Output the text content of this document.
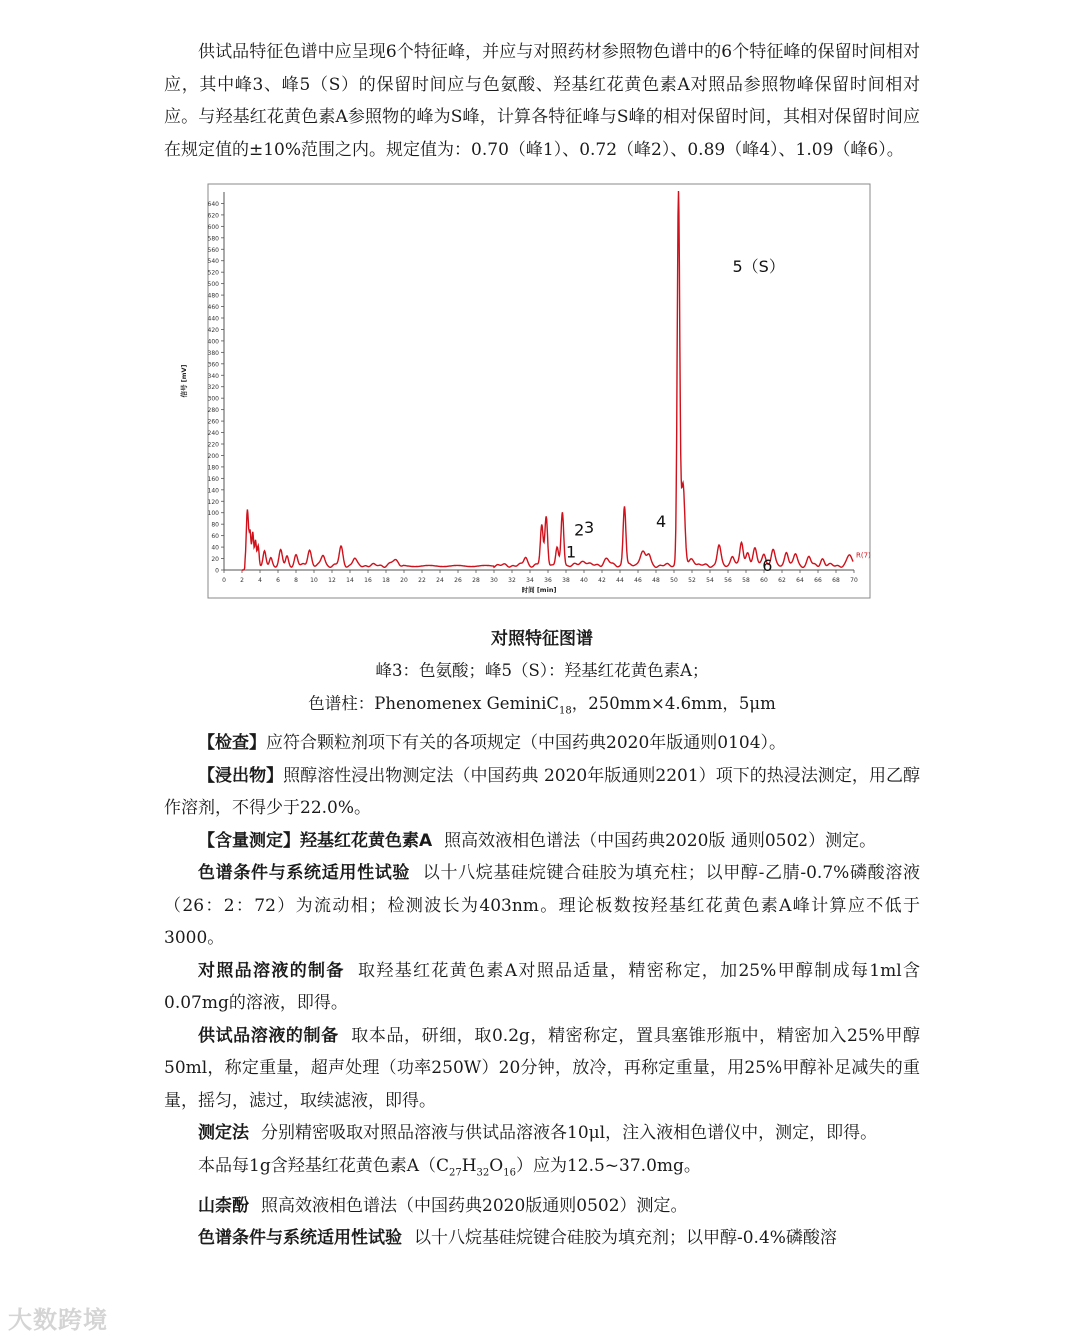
供试品特征色谱中应呈现6个特征峰，并应与对照药材参照物色谱中的6个特征峰的保留时间相对应，其中峰3、峰5（S）的保留时间应与色氨酸、羟基红花黄色素A对照品参照物峰保留时间相对应。与羟基红花黄色素A参照物的峰为S峰，计算各特征峰与S峰的相对保留时间，其相对保留时间应在规定值的±10%范围之内。规定值为：0.70（峰1）、0.72（峰2）、0.89（峰4）、1.09（峰6）。

0
20
40
60
80
100
120
140
160
180
200
220
240
260
280
300
320
340
360
380
400
420
440
460
480
500
520
540
560
580
600
620
640
0 2 4 6 8 10 12 14 16 18 20 22 24 26 28 30 32 34 36 38 40 42 44 46 48 50 52 54 56 58 60 62 64 66 68 70
时间 [min]
信号 [mV]
R(7)
5（S）
4
2 3
1
6

对照特征图谱

峰3：色氨酸；峰5（S）：羟基红花黄色素A；

色谱柱：Phenomenex GeminiC$_{18}$，250mm×4.6mm，5μm

【检查】应符合颗粒剂项下有关的各项规定（中国药典2020年版通则0104）。

【浸出物】照醇溶性浸出物测定法（中国药典 2020年版通则2201）项下的热浸法测定，用乙醇作溶剂，不得少于22.0%。

【含量测定】羟基红花黄色素A 照高效液相色谱法（中国药典2020版 通则0502）测定。

色谱条件与系统适用性试验 以十八烷基硅烷键合硅胶为填充柱；以甲醇-乙腈-0.7%磷酸溶液（26：2：72）为流动相；检测波长为403nm。理论板数按羟基红花黄色素A峰计算应不低于3000。

对照品溶液的制备 取羟基红花黄色素A对照品适量，精密称定，加25%甲醇制成每1ml含0.07mg的溶液，即得。

供试品溶液的制备 取本品，研细，取0.2g，精密称定，置具塞锥形瓶中，精密加入25%甲醇50ml，称定重量，超声处理（功率250W）20分钟，放冷，再称定重量，用25%甲醇补足减失的重量，摇匀，滤过，取续滤液，即得。

测定法 分别精密吸取对照品溶液与供试品溶液各10μl，注入液相色谱仪中，测定，即得。

本品每1g含羟基红花黄色素$A(C_{27}H_{32}O_{16})$应为12.5~37.0mg。

山柰酚 照高效液相色谱法（中国药典2020版通则0502）测定。

色谱条件与系统适用性试验 以十八烷基硅烷键合硅胶为填充剂；以甲醇-0.4%磷酸溶

大数跨境
